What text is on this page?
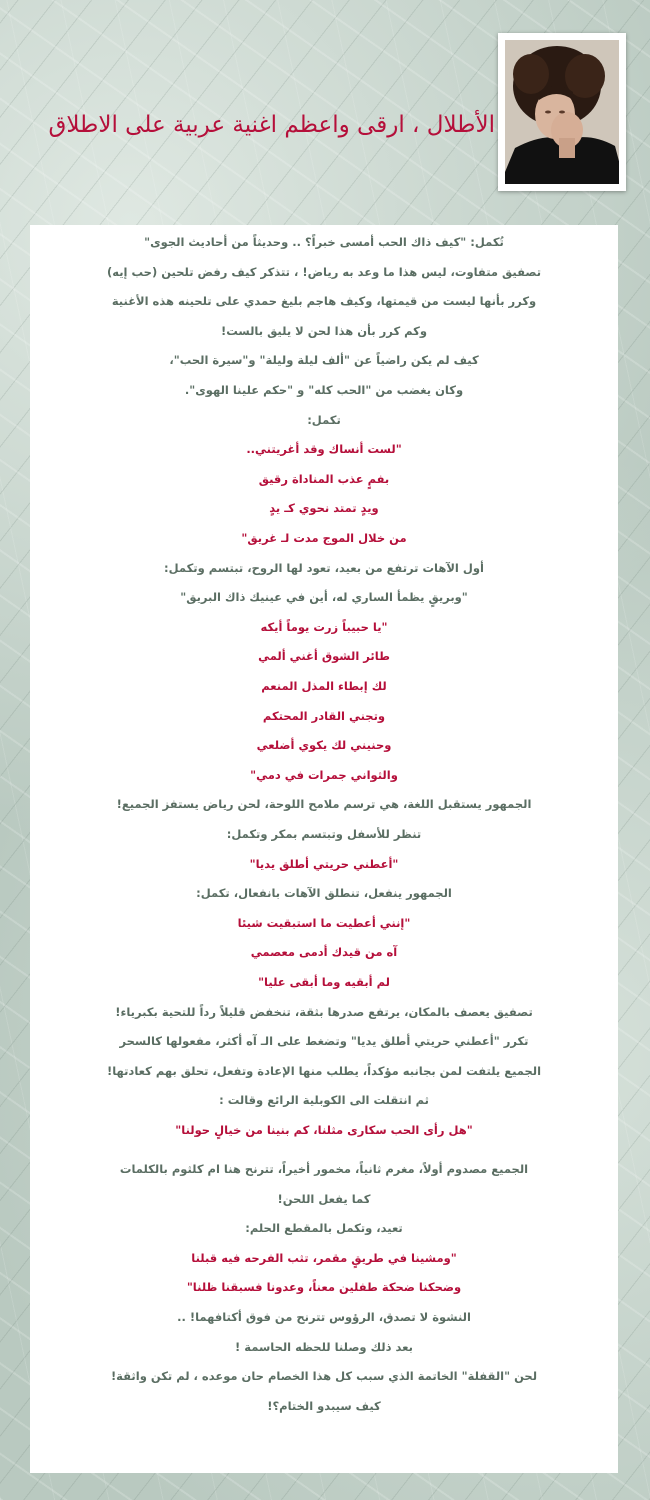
الأطلال ، ارقى واعظم اغنية عربية على الاطلاق
تُكمل: "كيف ذاك الحب أمسى خبراً؟ .. وحديثاً من أحاديث الجوى"
تصفيق متفاوت، ليس هذا ما وعد به رياض! ، تتذكر كيف رفض تلحين (حب إيه)
وكرر بأنها ليست من قيمتها، وكيف هاجم بليغ حمدي على تلحينه هذه الأغنية
وكم كرر بأن هذا لحن لا يليق بالست!
كيف لم يكن راضياً عن "ألف ليلة وليلة" و"سيرة الحب"،
وكان يغضب من "الحب كله" و "حكم علينا الهوى".
تكمل:
"لست أنساك وقد أغريتني..
بفمٍ عذب المناداة رقيق
ويدٍ تمتد نحوي كـ يدٍ
من خلال الموج مدت لـ غريق"
أول الآهات ترتفع من بعيد، تعود لها الروح، تبتسم وتكمل:
"وبريقٍ يظمأ الساري له، أين في عينيك ذاك البريق"
"يا حبيباً زرت يوماً أيكه
طائر الشوق أغني ألمي
لك إبطاء المذل المنعم
وتجني القادر المحتكم
وحنيني لك يكوي أضلعي
والثواني جمرات في دمي"
الجمهور يستقبل اللغة، هي ترسم ملامح اللوحة، لحن رياض يستفز الجميع!
تنظر للأسفل وتبتسم بمكر وتكمل:
"أعطني حريتي أطلق يديا"
الجمهور ينفعل، تنطلق الآهات بانفعال، تكمل:
"إنني أعطيت ما استبقيت شيئا
آه من قيدك أدمى معصمي
لم أبقيه وما أبقى عليا"
تصفيق يعصف بالمكان، يرتفع صدرها بثقة، تنخفض قليلاً رداً للتحية بكبرياء!
تكرر "أعطني حريتي أطلق يديا" وتضغط على الـ آه أكثر، مفعولها كالسحر
الجميع يلتفت لمن بجانبه مؤكداً، يطلب منها الإعادة وتفعل، تحلق بهم كعادتها!
ثم انتقلت الى الكوبلية الرائع وقالت :
"هل رأى الحب سكارى مثلنا، كم بنينا من خيالٍ حولنا"
الجميع مصدوم أولاً، مغرم ثانياً، مخمور أخيراً، تترنح هنا ام كلثوم بالكلمات
كما يفعل اللحن!
تعيد، وتكمل بالمقطع الحلم:
"ومشينا في طريقٍ مقمر، تثب الفرحه فيه قبلنا
وضحكنا ضحكة طفلين معناً، وعدونا فسبقنا ظلنا"
النشوة لا تصدق، الرؤوس تترنح من فوق أكتافهما! ..
بعد ذلك وصلنا للحظه الحاسمة !
لحن "القفلة" الخاتمة الذي سبب كل هذا الخصام حان موعده ، لم تكن واثقة!
كيف سيبدو الختام؟!
